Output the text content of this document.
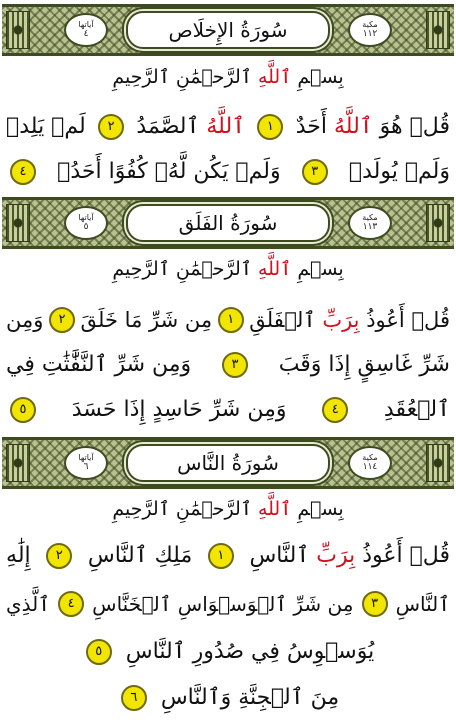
مكية
١١٢
سُورَةُ الإِخلَاص
آياتها
٤
بِسۡمِ ٱللَّهِ ٱلرَّحۡمَٰنِ ٱلرَّحِيمِ
قُلۡ هُوَ ٱللَّهُ أَحَدٌ
١
ٱللَّهُ ٱلصَّمَدُ
٢
لَمۡ يَلِدۡ
وَلَمۡ يُولَدۡ
٣
وَلَمۡ يَكُن لَّهُۥ كُفُوًا أَحَدُۢ
٤
مكية
١١٣
سُورَةُ الفَلَق
آياتها
٥
بِسۡمِ ٱللَّهِ ٱلرَّحۡمَٰنِ ٱلرَّحِيمِ
قُلۡ أَعُوذُ بِرَبِّ ٱلۡفَلَقِ
١
مِن شَرِّ مَا خَلَقَ
٢
وَمِن
شَرِّ غَاسِقٍ إِذَا وَقَبَ
٣
وَمِن شَرِّ ٱلنَّفَّٰثَٰتِ فِي
ٱلۡعُقَدِ
٤
وَمِن شَرِّ حَاسِدٍ إِذَا حَسَدَ
٥
مكية
١١٤
سُورَةُ النَّاس
آياتها
٦
بِسۡمِ ٱللَّهِ ٱلرَّحۡمَٰنِ ٱلرَّحِيمِ
قُلۡ أَعُوذُ بِرَبِّ ٱلنَّاسِ
١
مَلِكِ ٱلنَّاسِ
٢
إِلَٰهِ
ٱلنَّاسِ
٣
مِن شَرِّ ٱلۡوَسۡوَاسِ ٱلۡخَنَّاسِ
٤
ٱلَّذِي
يُوَسۡوِسُ فِي صُدُورِ ٱلنَّاسِ
٥
مِنَ ٱلۡجِنَّةِ وَٱلنَّاسِ
٦
